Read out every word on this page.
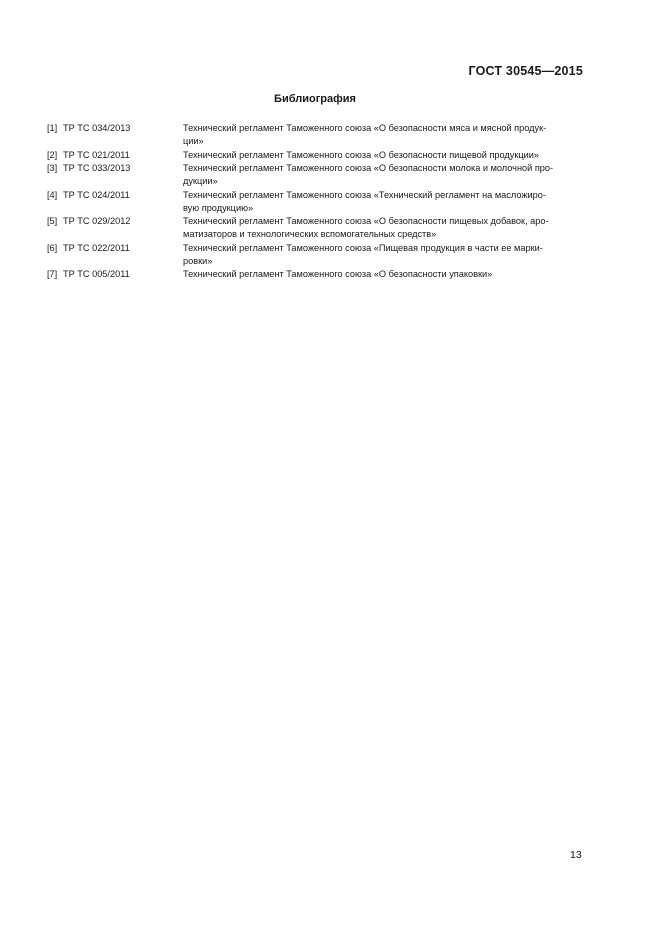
ГОСТ 30545—2015
Библиография
[1] ТР ТС 034/2013	Технический регламент Таможенного союза «О безопасности мяса и мясной продук-
ции»
[2] ТР ТС 021/2011	Технический регламент Таможенного союза «О безопасности пищевой продукции»
[3] ТР ТС 033/2013	Технический регламент Таможенного союза «О безопасности молока и молочной про-
дукции»
[4] ТР ТС 024/2011	Технический регламент Таможенного союза «Технический регламент на масложиро-
вую продукцию»
[5] ТР ТС 029/2012	Технический регламент Таможенного союза «О безопасности пищевых добавок, аро-
матизаторов и технологических вспомогательных средств»
[6] ТР ТС 022/2011	Технический регламент Таможенного союза «Пищевая продукция в части ее марки-
ровки»
[7] ТР ТС 005/2011	Технический регламент Таможенного союза «О безопасности упаковки»
13
